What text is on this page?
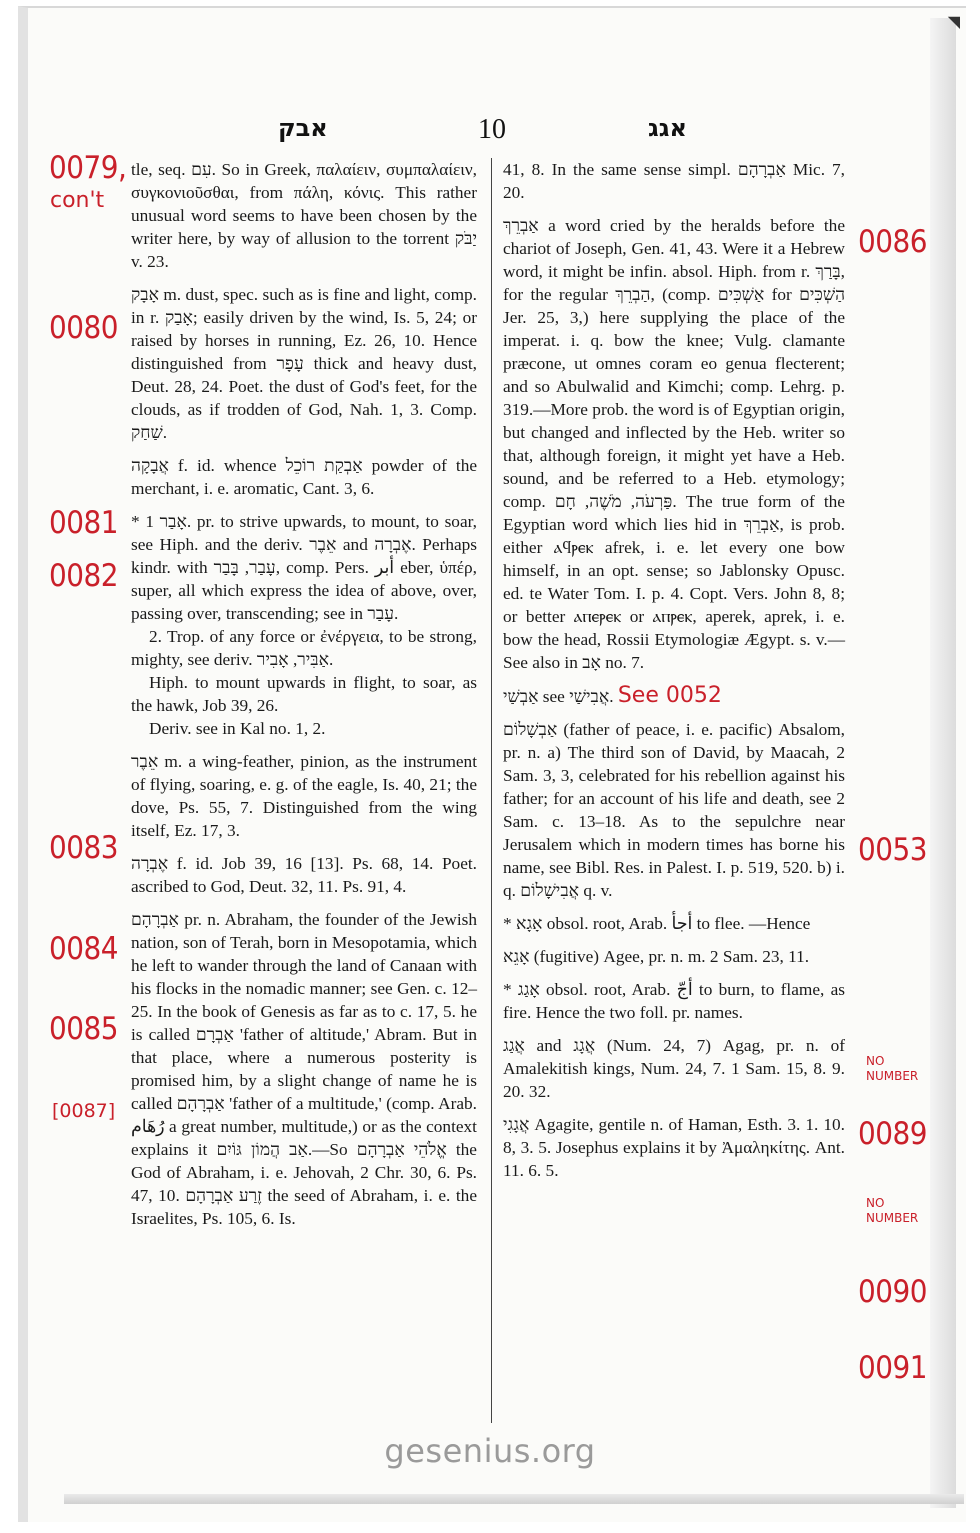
◥
אבק	10	אגג
0079,
con't
0080
0081
0082
0083
0084
0085
[0087]
0086
0053
NO NUMBER
0089
NO NUMBER
0090
0091

tle, seq. עִם. So in Greek, παλαίειν, συμπαλαίειν, συγκονιοῦσθαι, from πάλη, κόνις. This rather unusual word seems to have been chosen by the writer here, by way of allusion to the torrent יַבֹּק v. 23.

אָבָק m. dust, spec. such as is fine and light, comp. in r. אָבַק; easily driven by the wind, Is. 5, 24; or raised by horses in running, Ez. 26, 10. Hence distinguished from עָפָר thick and heavy dust, Deut. 28, 24. Poet. the dust of God's feet, for the clouds, as if trodden of God, Nah. 1, 3. Comp. שַׁחַק.

אֲבָקָה f. id. whence אַבְקַת רוֹכֵל powder of the merchant, i. e. aromatic, Cant. 3, 6.

* אָבַר 1. pr. to strive upwards, to mount, to soar, see Hiph. and the deriv. אֵבֶר and אֶבְרָה. Perhaps kindr. with עָבַר, בָּבַר, comp. Pers. أبر eber, ὑπέρ, super, all which express the idea of above, over, passing over, transcending; see in עָבַר.

2. Trop. of any force or ἐνέργεια, to be strong, mighty, see deriv. אַבִּיר, אָבִיר.

Hiph. to mount upwards in flight, to soar, as the hawk, Job 39, 26.

Deriv. see in Kal no. 1, 2.

אֵבֶר m. a wing-feather, pinion, as the instrument of flying, soaring, e. g. of the eagle, Is. 40, 21; the dove, Ps. 55, 7. Distinguished from the wing itself, Ez. 17, 3.

אֶבְרָה f. id. Job 39, 16 [13]. Ps. 68, 14. Poet. ascribed to God, Deut. 32, 11. Ps. 91, 4.

אַבְרָהָם pr. n. Abraham, the founder of the Jewish nation, son of Terah, born in Mesopotamia, which he left to wander through the land of Canaan with his flocks in the nomadic manner; see Gen. c. 12–25. In the book of Genesis as far as to c. 17, 5. he is called אַבְרָם 'father of altitude,' Abram. But in that place, where a numerous posterity is promised him, by a slight change of name he is called אַבְרָהָם 'father of a multitude,' (comp. Arab. رُهَام a great number, multitude,) or as the context explains it אַב הֲמוֹן גּוֹיִם.—So אֱלֹהֵי אַבְרָהָם the God of Abraham, i. e. Jehovah, 2 Chr. 30, 6. Ps. 47, 10. זֶרַע אַבְרָהָם the seed of Abraham, i. e. the Israelites, Ps. 105, 6. Is.

41, 8. In the same sense simpl. אַבְרָהָם Mic. 7, 20.

אַבְרֵךְ a word cried by the heralds before the chariot of Joseph, Gen. 41, 43. Were it a Hebrew word, it might be infin. absol. Hiph. from r. בָּרַךְ, for the regular הַבְרֵךְ, (comp. אַשְׁכִּים for הַשְׁכִּים Jer. 25, 3,) here supplying the place of the imperat. i. q. bow the knee; Vulg. clamante præcone, ut omnes coram eo genua flecterent; and so Abulwalid and Kimchi; comp. Lehrg. p. 319.—More prob. the word is of Egyptian origin, but changed and inflected by the Heb. writer so that, although foreign, it might yet have a Heb. sound, and be referred to a Heb. etymology; comp. פַּרְעֹה, מֹשֶׁה, חָם. The true form of the Egyptian word which lies hid in אַבְרֵךְ, is prob. either ⲁϥⲣⲉⲕ afrek, i. e. let every one bow himself, in an opt. sense; so Jablonsky Opusc. ed. te Water Tom. I. p. 4. Copt. Vers. John 8, 8; or better ⲁⲡⲉⲣⲉⲕ or ⲁⲡⲣⲉⲕ, aperek, aprek, i. e. bow the head, Rossii Etymologiæ Ægypt. s. v.—See also in אָב no. 7.

אַבְשַׁי see אֲבִישַׁי. See 0052

אַבְשָׁלוֹם (father of peace, i. e. pacific) Absalom, pr. n. a) The third son of David, by Maacah, 2 Sam. 3, 3, celebrated for his rebellion against his father; for an account of his life and death, see 2 Sam. c. 13–18. As to the sepulchre near Jerusalem which in modern times has borne his name, see Bibl. Res. in Palest. I. p. 519, 520. b) i. q. אֲבִישָׁלוֹם q. v.

* אָגָא obsol. root, Arab. أجأ to flee. —Hence

אָגֵא (fugitive) Agee, pr. n. m. 2 Sam. 23, 11.

* אָגַג obsol. root, Arab. أجّ to burn, to flame, as fire. Hence the two foll. pr. names.

אֲגַג and אֲגָג (Num. 24, 7) Agag, pr. n. of Amalekitish kings, Num. 24, 7. 1 Sam. 15, 8. 9. 20. 32.

אֲגָגִי Agagite, gentile n. of Haman, Esth. 3. 1. 10. 8, 3. 5. Josephus explains it by Ἀμαληκίτης. Ant. 11. 6. 5.

gesenius.org
